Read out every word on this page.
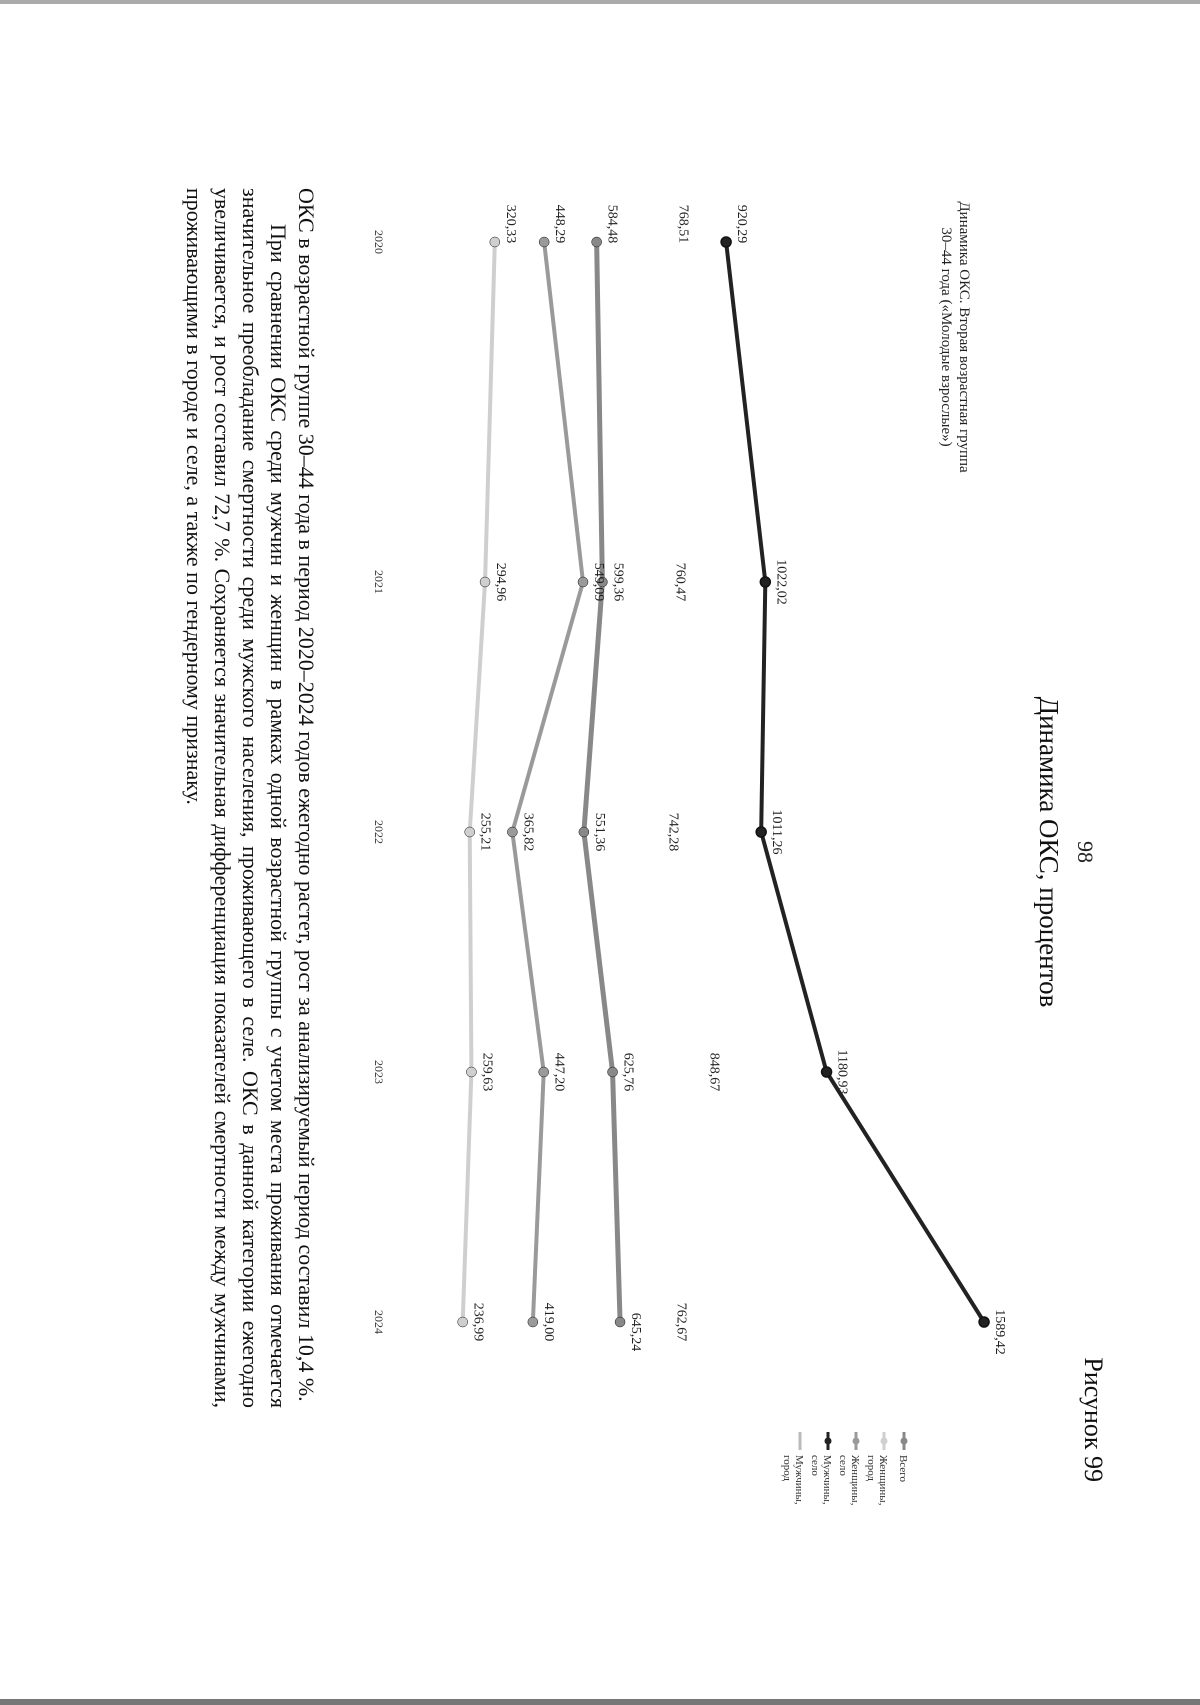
98
Рисунок 99
Динамика ОКС, процентов
Динамика ОКС. Вторая возрастная группа
30–44 года («Молодые взрослые»)
920,29
1022,02
1011,26
1180,93
1589,42
768,51
760,47
742,28
848,67
762,67
584,48
599,36
551,36
625,76
645,24
448,29
549,09
365,82
447,20
419,00
320,33
294,96
255,21
259,63
236,99
2020
2021
2022
2023
2024
Всего
Женщины,
город
Женщины,
село
Мужчины,
село
Мужчины,
город

ОКС в возрастной группе 30–44 года в период 2020–2024 годов ежегодно растет, рост за анализируемый период составил 10,4 %.

При сравнении ОКС среди мужчин и женщин в рамках одной возрастной группы с учетом места проживания отмечается значительное преобладание смертности среди мужского населения, проживающего в селе. ОКС в данной категории ежегодно увеличивается, и рост составил 72,7 %. Сохраняется значительная дифференциация показателей смертности между мужчинами, проживающими в городе и селе, а также по гендерному признаку.
